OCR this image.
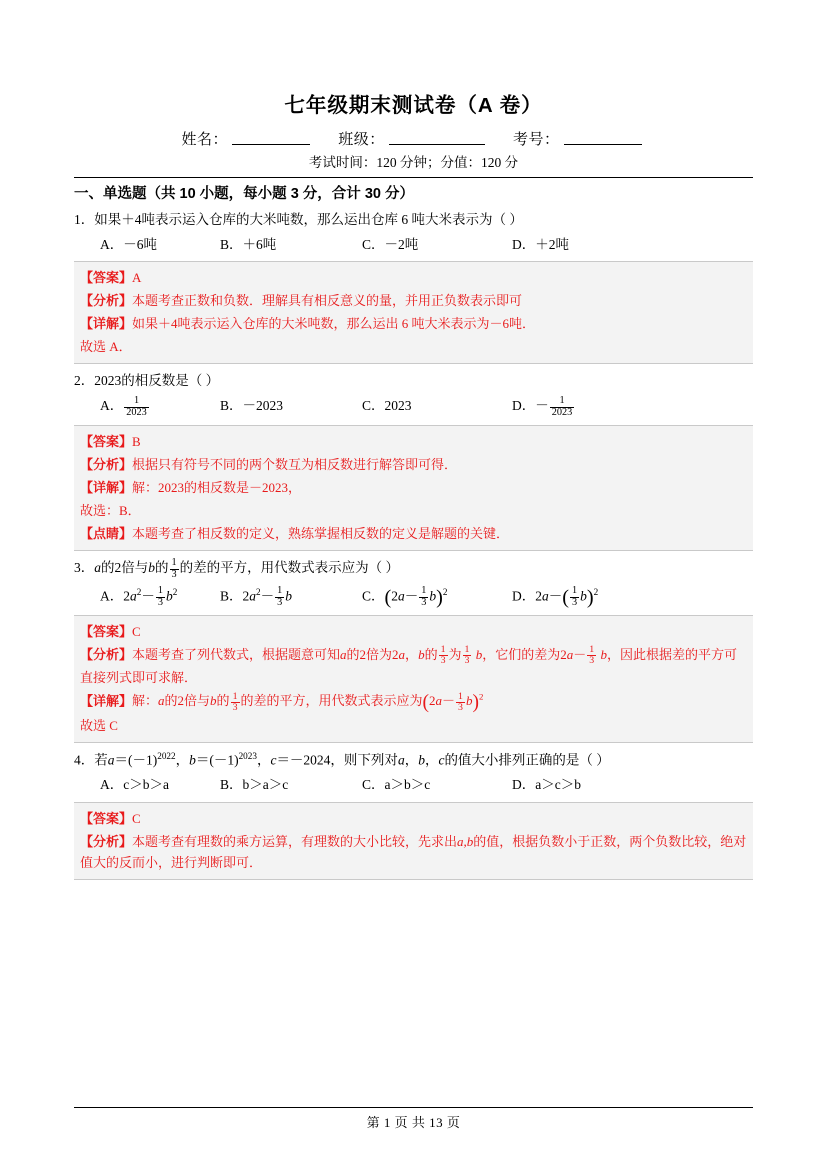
七年级期末测试卷（A 卷）
姓名：	班级：	考号：
考试时间：120 分钟；分值：120 分
一、单选题（共 10 小题，每小题 3 分，合计 30 分）
1．如果＋4吨表示运入仓库的大米吨数，那么运出仓库 6 吨大米表示为（ ）
A．－6吨	B．＋6吨	C．－2吨	D．＋2吨
【答案】A
【分析】本题考查正数和负数．理解具有相反意义的量，并用正负数表示即可
【详解】如果＋4吨表示运入仓库的大米吨数，那么运出 6 吨大米表示为－6吨．
故选 A．
2．2023的相反数是（ ）
A． $\frac{1}{2023}$	B．－2023	C．2023	D．－ $\frac{1}{2023}$
【答案】B
【分析】根据只有符号不同的两个数互为相反数进行解答即可得．
【详解】解：2023的相反数是－2023，
故选：B．
【点睛】本题考查了相反数的定义，熟练掌握相反数的定义是解题的关键．
3．a的2倍与b的 $\frac{1}{3}$ 的差的平方，用代数式表示应为（ ）
A．$2a^2- \frac{1}{3} b^2$	B．$2a^2- \frac{1}{3}$ b	C．$(2a- \frac{1}{3} b)^2$	D．$2a-( \frac{1}{3} b)^2$
【答案】C
【分析】本题考查了列代数式，根据题意可知a的2倍为2a，b的 $\frac{1}{3}$ 为 $\frac{1}{3}$ b，它们的差为$2a- \frac{1}{3}$ b，因此根据差的平方可直接列式即可求解．
【详解】解：a的2倍与b的 $\frac{1}{3}$ 的差的平方，用代数式表示应为$(2a- \frac{1}{3} b)^2$
故选 C
4．若$a=(-1)^{2022}$，$b=(-1)^{2023}$，c＝－2024，则下列对a，b，c的值大小排列正确的是（ ）
A．c＞b＞a	B．b＞a＞c	C．a＞b＞c	D．a＞c＞b
【答案】C
【分析】本题考查有理数的乘方运算，有理数的大小比较，先求出a,b的值，根据负数小于正数，两个负数比较，绝对值大的反而小，进行判断即可．
第 1 页 共 13 页
